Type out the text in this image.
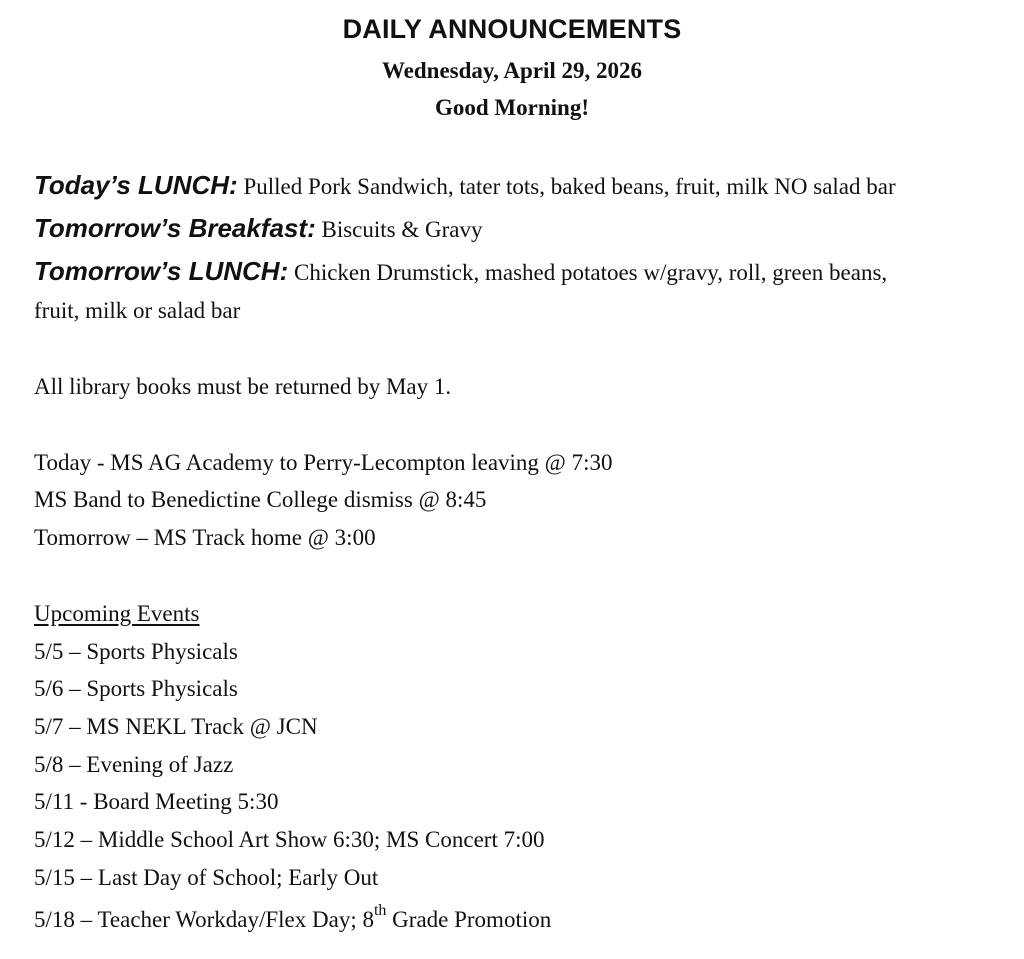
DAILY ANNOUNCEMENTS
Wednesday, April 29, 2026
Good Morning!
Today’s LUNCH: Pulled Pork Sandwich, tater tots, baked beans, fruit, milk NO salad bar
Tomorrow’s Breakfast: Biscuits & Gravy
Tomorrow’s LUNCH: Chicken Drumstick, mashed potatoes w/gravy, roll, green beans,
fruit, milk or salad bar
All library books must be returned by May 1.
Today - MS AG Academy to Perry-Lecompton leaving @ 7:30
MS Band to Benedictine College dismiss @ 8:45
Tomorrow – MS Track home @ 3:00
Upcoming Events
5/5 – Sports Physicals
5/6 – Sports Physicals
5/7 – MS NEKL Track @ JCN
5/8 – Evening of Jazz
5/11 - Board Meeting 5:30
5/12 – Middle School Art Show 6:30; MS Concert 7:00
5/15 – Last Day of School; Early Out
5/18 – Teacher Workday/Flex Day; 8th Grade Promotion
